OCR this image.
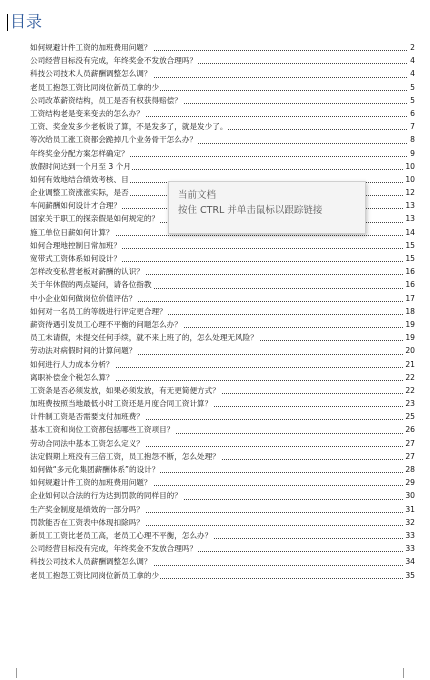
目录
如何规避计件工资的加班费用问题？	2
公司经营目标没有完成，年终奖金不发放合理吗？	4
科技公司技术人员薪酬调整怎么调？	4
老员工抱怨工资比同岗位新员工拿的少	5
公司改革薪资结构，员工是否有权获得赔偿？	5
工资结构老是变来变去的怎么办？	6
工资、奖金发多少老板说了算，不是发多了，就是发少了。	7
等次给员工涨工资都会跪掉几个业务骨干怎么办？	8
年终奖金分配方案怎样确定？	9
放假时间达到一个月至 3 个月	10
如何有效地结合绩效考核、目	10
企业调整工资涨涨实际，是否	12
车间薪酬如何设计才合理？	13
国家关于职工的探亲假是如何规定的？	13
施工单位日薪如何计算？	14
如何合理地控制日常加班？	15
宽带式工资体系如何设计？	15
怎样改变私营老板对薪酬的认识？	16
关于年休假的两点疑问，请各位指教	16
中小企业如何做岗位价值评估？	17
如何对一名员工的等级进行评定更合理？	18
薪资待遇引发员工心理不平衡的问题怎么办？	19
员工未请假，未提交任何手续，就不来上班了的，怎么处理无风险？	19
劳动法对病假时间的计算问题？	20
如何进行人力成本分析？	21
离职补偿金个税怎么算？	22
工资条是否必须发放，如果必须发放，有无更简便方式？	22
加班费按照当地最低小时工资还是月度合同工资计算？	23
计件制工资是否需要支付加班费？	25
基本工资和岗位工资都包括哪些工资项目？	26
劳动合同法中基本工资怎么定义？	27
法定假期上班没有三倍工资，员工抱怨不断，怎么处理？	27
如何做“多元化集团薪酬体系”的设计？	28
如何规避计件工资的加班费用问题？	29
企业如何以合法的行为达到罚款的同样目的？	30
生产奖金制度是绩效的一部分吗？	31
罚款能否在工资表中体现扣除吗？	32
新员工工资比老员工高，老员工心理不平衡，怎么办？	33
公司经营目标没有完成，年终奖金不发放合理吗？	33
科技公司技术人员薪酬调整怎么调？	34
老员工抱怨工资比同岗位新员工拿的少	35
当前文档
按住 CTRL 并单击鼠标以跟踪链接
